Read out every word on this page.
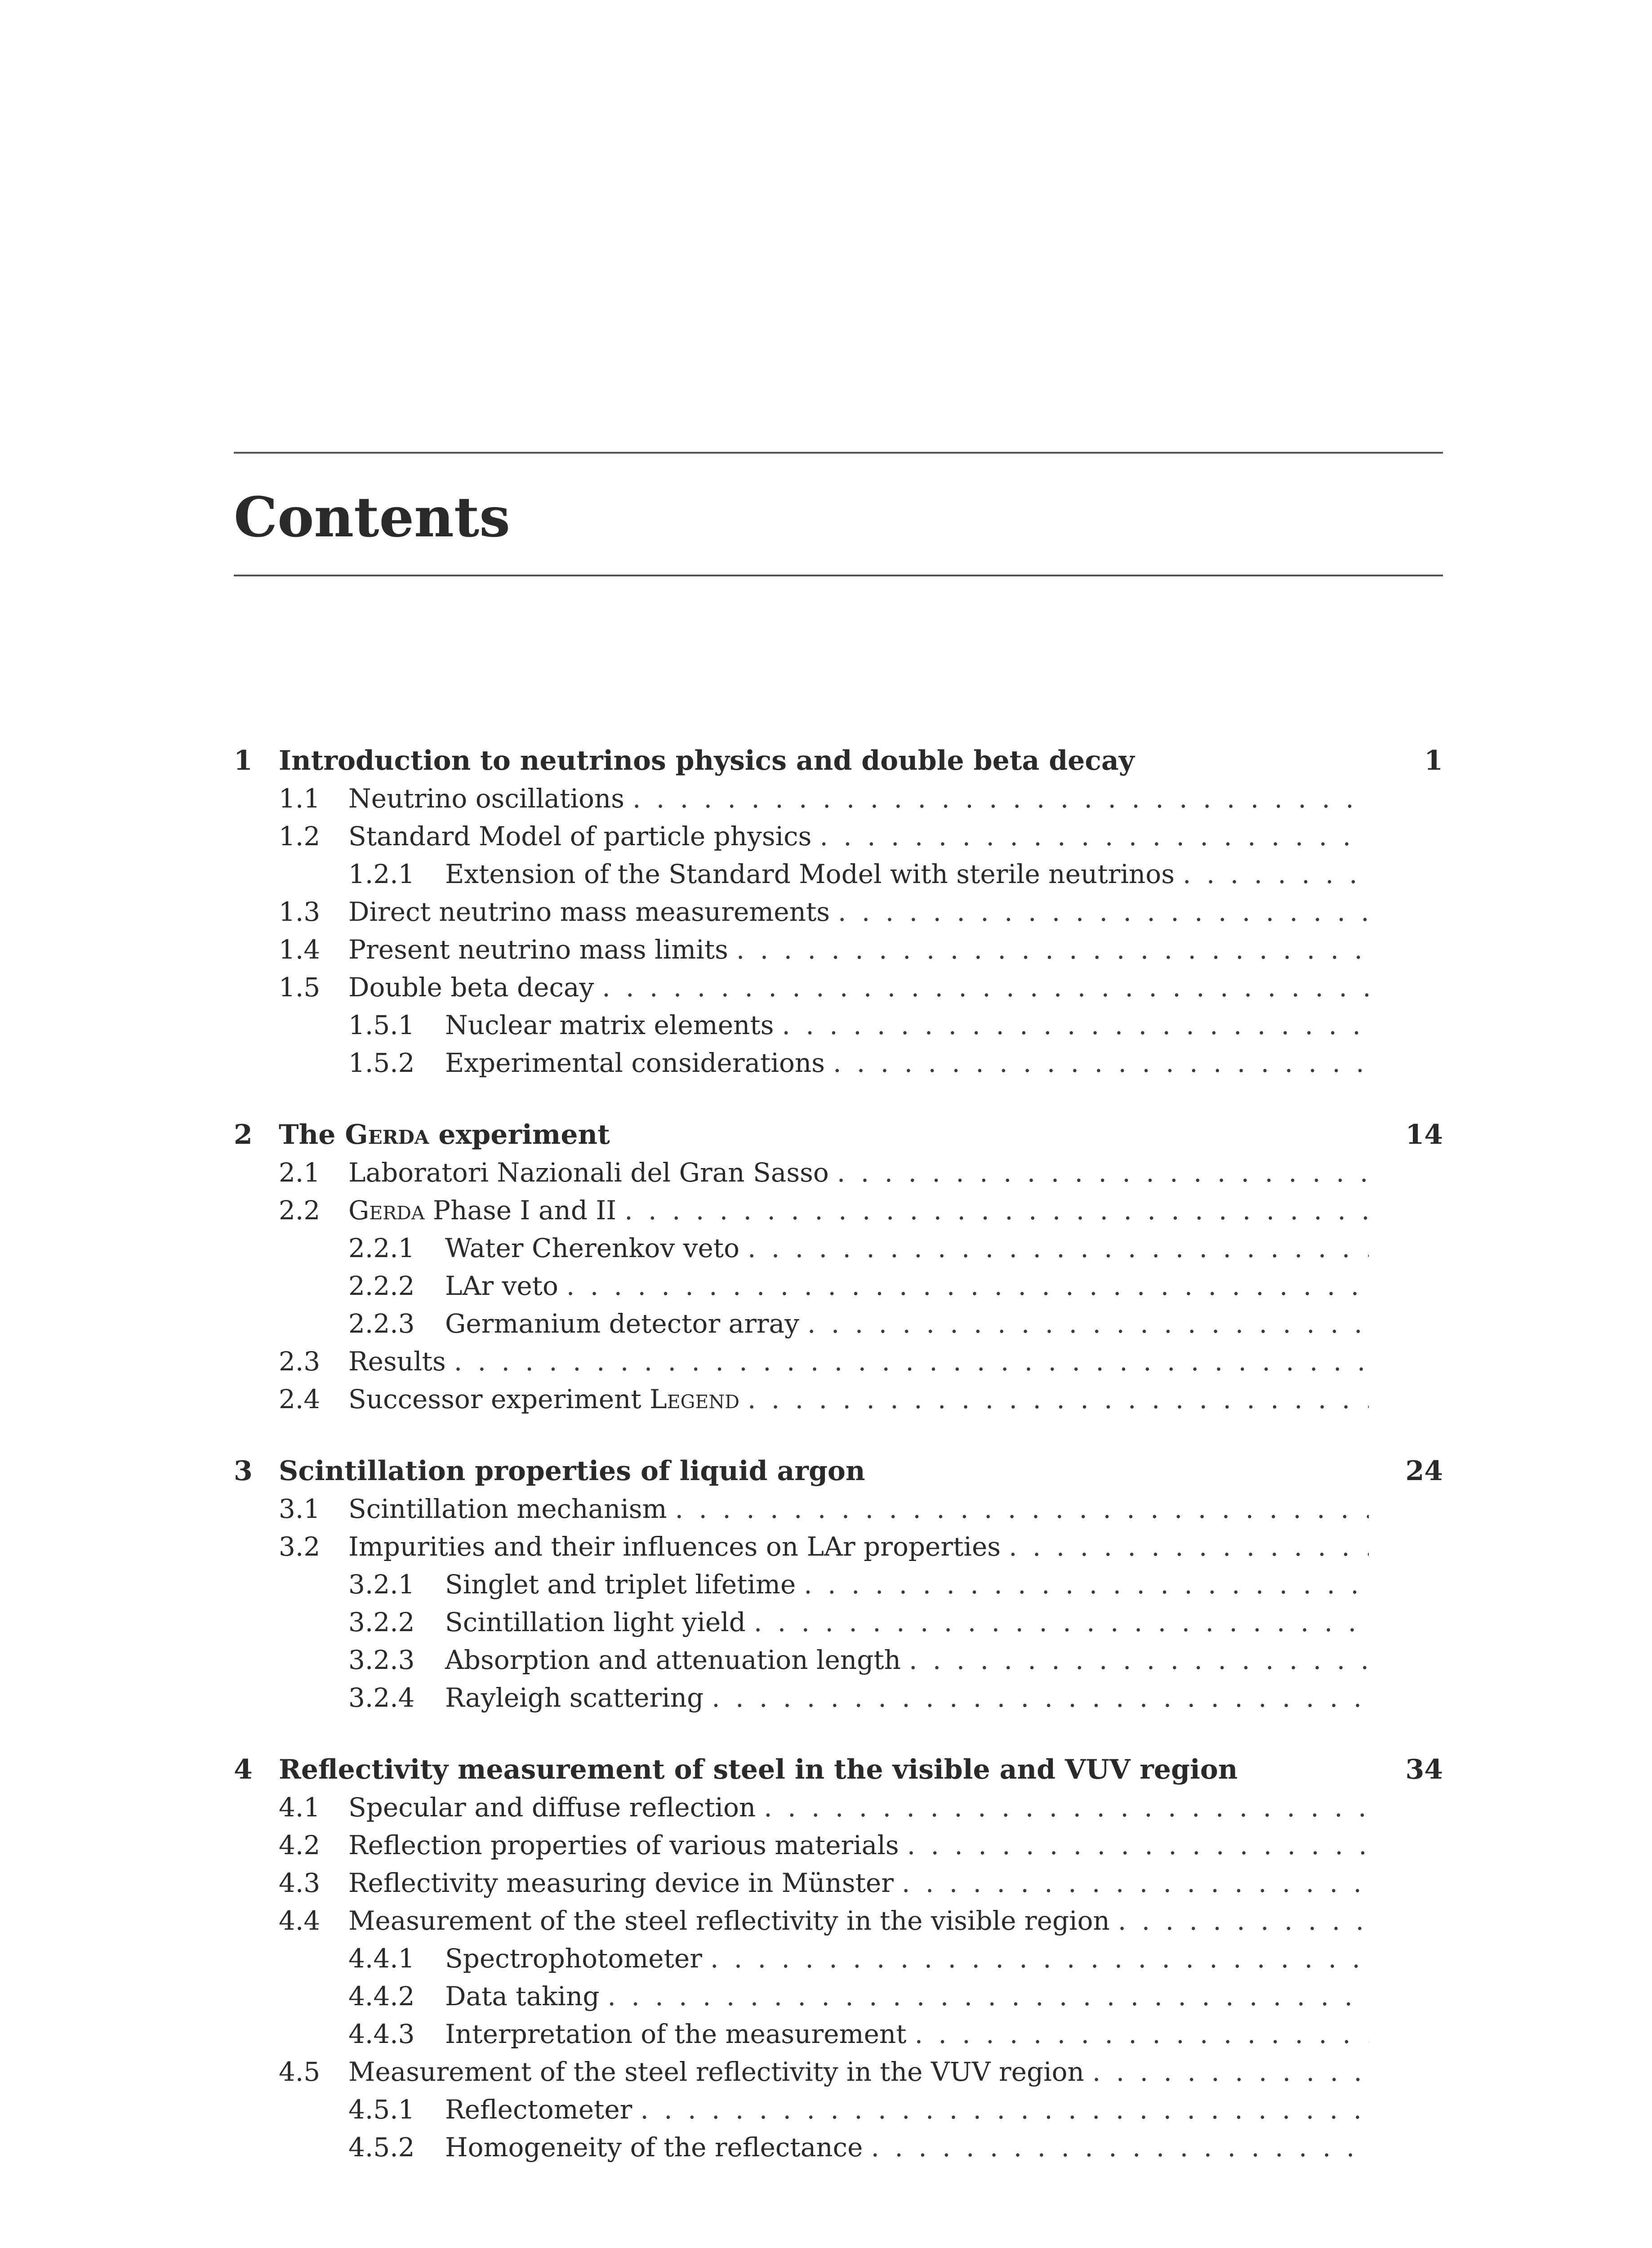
Contents
1 Introduction to neutrinos physics and double beta decay	1
1.1	Neutrino oscillations
. . .
1.2	Standard Model of particle physics
. . .
1.2.1	Extension of the Standard Model with sterile neutrinos
. . .
1.3	Direct neutrino mass measurements
. . .
1.4	Present neutrino mass limits
. . .
1.5	Double beta decay
. . .
1.5.1	Nuclear matrix elements
. . .
1.5.2	Experimental considerations
. . .
2 The Gerda experiment	14
2.1	Laboratori Nazionali del Gran Sasso
. . .
2.2	Gerda Phase I and II
. . .
2.2.1	Water Cherenkov veto
. . .
2.2.2	LAr veto
. . .
2.2.3	Germanium detector array
. . .
2.3	Results
. . .
2.4	Successor experiment Legend
. . .
3 Scintillation properties of liquid argon	24
3.1	Scintillation mechanism
. . .
3.2	Impurities and their influences on LAr properties
. . .
3.2.1	Singlet and triplet lifetime
. . .
3.2.2	Scintillation light yield
. . .
3.2.3	Absorption and attenuation length
. . .
3.2.4	Rayleigh scattering
. . .
4 Reflectivity measurement of steel in the visible and VUV region	34
4.1	Specular and diffuse reflection
. . .
4.2	Reflection properties of various materials
. . .
4.3	Reflectivity measuring device in Münster
. . .
4.4	Measurement of the steel reflectivity in the visible region
. . .
4.4.1	Spectrophotometer
. . .
4.4.2	Data taking
. . .
4.4.3	Interpretation of the measurement
. . .
4.5	Measurement of the steel reflectivity in the VUV region
. . .
4.5.1	Reflectometer
. . .
4.5.2	Homogeneity of the reflectance
. . .
